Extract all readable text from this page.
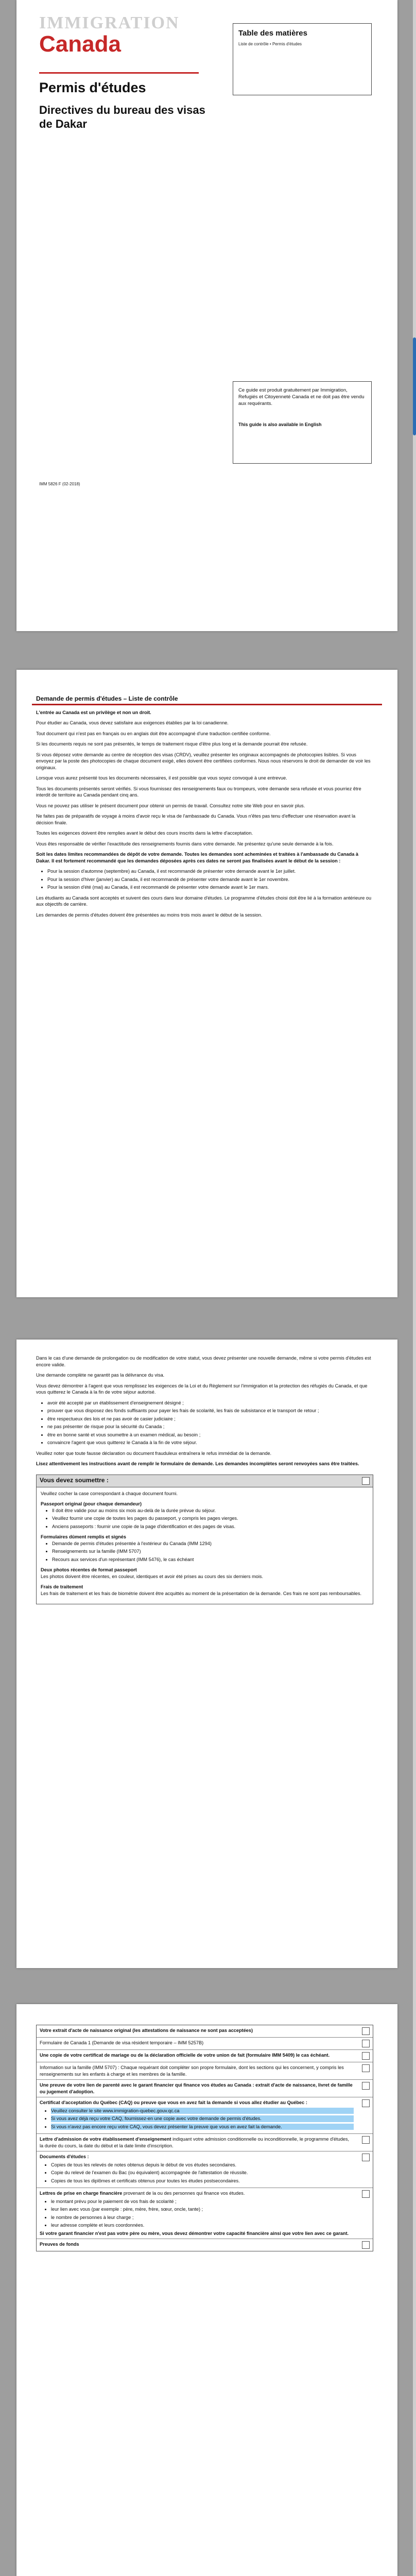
IMMIGRATION
Canada
Permis d'études
Directives du bureau des visas de Dakar
Table des matières
Liste de contrôle • Permis d'études
Ce guide est produit gratuitement par Immigration, Refugiés et Citoyenneté Canada et ne doit pas être vendu aux requérants.
This guide is also available in English
IMM 5826 F (02-2018)
Demande de permis d'études – Liste de contrôle

L'entrée au Canada est un privilège et non un droit.

Pour étudier au Canada, vous devez satisfaire aux exigences établies par la loi canadienne.

Tout document qui n'est pas en français ou en anglais doit être accompagné d'une traduction certifiée conforme.

Si les documents requis ne sont pas présentés, le temps de traitement risque d'être plus long et la demande pourrait être refusée.

Si vous déposez votre demande au centre de réception des visas (CRDV), veuillez présenter les originaux accompagnés de photocopies lisibles. Si vous envoyez par la poste des photocopies de chaque document exigé, elles doivent être certifiées conformes. Nous nous réservons le droit de demander de voir les originaux.

Lorsque vous aurez présenté tous les documents nécessaires, il est possible que vous soyez convoqué à une entrevue.

Tous les documents présentés seront vérifiés. Si vous fournissez des renseignements faux ou trompeurs, votre demande sera refusée et vous pourriez être interdit de territoire au Canada pendant cinq ans.

Vous ne pouvez pas utiliser le présent document pour obtenir un permis de travail. Consultez notre site Web pour en savoir plus.

Ne faites pas de préparatifs de voyage à moins d'avoir reçu le visa de l'ambassade du Canada. Vous n'êtes pas tenu d'effectuer une réservation avant la décision finale.

Toutes les exigences doivent être remplies avant le début des cours inscrits dans la lettre d'acceptation.

Vous êtes responsable de vérifier l'exactitude des renseignements fournis dans votre demande. Ne présentez qu'une seule demande à la fois.

Soit les dates limites recommandées de dépôt de votre demande. Toutes les demandes sont acheminées et traitées à l'ambassade du Canada à Dakar. Il est fortement recommandé que les demandes déposées après ces dates ne seront pas finalisées avant le début de la session :

• Pour la session d'automne (septembre) au Canada, il est recommandé de présenter votre demande avant le 1er juillet.
• Pour la session d'hiver (janvier) au Canada, il est recommandé de présenter votre demande avant le 1er novembre.
• Pour la session d'été (mai) au Canada, il est recommandé de présenter votre demande avant le 1er mars.

Les étudiants au Canada sont acceptés et suivent des cours dans leur domaine d'études. Le programme d'études choisi doit être lié à la formation antérieure ou aux objectifs de carrière.

Les demandes de permis d'études doivent être présentées au moins trois mois avant le début de la session.

Dans le cas d'une demande de prolongation ou de modification de votre statut, vous devez présenter une nouvelle demande, même si votre permis d'études est encore valide.

Une demande complète ne garantit pas la délivrance du visa.

Vous devez démontrer à l'agent que vous remplissez les exigences de la Loi et du Règlement sur l'immigration et la protection des réfugiés du Canada, et que vous quitterez le Canada à la fin de votre séjour autorisé.

• avoir été accepté par un établissement d'enseignement désigné ;
• prouver que vous disposez des fonds suffisants pour payer les frais de scolarité, les frais de subsistance et le transport de retour ;
• être respectueux des lois et ne pas avoir de casier judiciaire ;
• ne pas présenter de risque pour la sécurité du Canada ;
• être en bonne santé et vous soumettre à un examen médical, au besoin ;
• convaincre l'agent que vous quitterez le Canada à la fin de votre séjour.

Veuillez noter que toute fausse déclaration ou document frauduleux entraînera le refus immédiat de la demande.

Lisez attentivement les instructions avant de remplir le formulaire de demande. Les demandes incomplètes seront renvoyées sans être traitées.

Vous devez soumettre :

Veuillez cocher la case correspondant à chaque document fourni.

Passeport original (pour chaque demandeur)
• Il doit être valide pour au moins six mois au-delà de la durée prévue du séjour.
• Veuillez fournir une copie de toutes les pages du passeport, y compris les pages vierges.
• Anciens passeports : fournir une copie de la page d'identification et des pages de visas.
Formulaires dûment remplis et signés
• Demande de permis d'études présentée à l'extérieur du Canada (IMM 1294)
• Renseignements sur la famille (IMM 5707)
• Recours aux services d'un représentant (IMM 5476), le cas échéant
Deux photos récentes de format passeport

Les photos doivent être récentes, en couleur, identiques et avoir été prises au cours des six derniers mois.

Frais de traitement

Les frais de traitement et les frais de biométrie doivent être acquittés au moment de la présentation de la demande. Ces frais ne sont pas remboursables.

Votre extrait d'acte de naissance original (les attestations de naissance ne sont pas acceptées)
Formulaire de Canada 1 (Demande de visa résident temporaire – IMM 5257B)
Une copie de votre certificat de mariage ou de la déclaration officielle de votre union de fait (formulaire IMM 5409) le cas échéant.
Information sur la famille (IMM 5707) : Chaque requérant doit compléter son propre formulaire, dont les sections qui les concernent, y compris les renseignements sur les enfants à charge et les membres de la famille.
Une preuve de votre lien de parenté avec le garant financier qui finance vos études au Canada : extrait d'acte de naissance, livret de famille ou jugement d'adoption.
Certificat d'acceptation du Québec (CAQ) ou preuve que vous en avez fait la demande si vous allez étudier au Québec :
• Veuillez consulter le site www.immigration-quebec.gouv.qc.ca
• Si vous avez déjà reçu votre CAQ, fournissez-en une copie avec votre demande de permis d'études.
• Si vous n'avez pas encore reçu votre CAQ, vous devez présenter la preuve que vous en avez fait la demande.
Lettre d'admission de votre établissement d'enseignement indiquant votre admission conditionnelle ou inconditionnelle, le programme d'études, la durée du cours, la date du début et la date limite d'inscription.
Documents d'études :
• Copies de tous les relevés de notes obtenus depuis le début de vos études secondaires.
• Copie du relevé de l'examen du Bac (ou équivalent) accompagnée de l'attestation de réussite.
• Copies de tous les diplômes et certificats obtenus pour toutes les études postsecondaires.
Lettres de prise en charge financière provenant de la ou des personnes qui finance vos études.
• le montant prévu pour le paiement de vos frais de scolarité ;
• leur lien avec vous (par exemple : père, mère, frère, sœur, oncle, tante) ;
• le nombre de personnes à leur charge ;
• leur adresse complète et leurs coordonnées.
Si votre garant financier n'est pas votre père ou mère, vous devez démontrer votre capacité financière ainsi que votre lien avec ce garant.
Preuves de fonds
